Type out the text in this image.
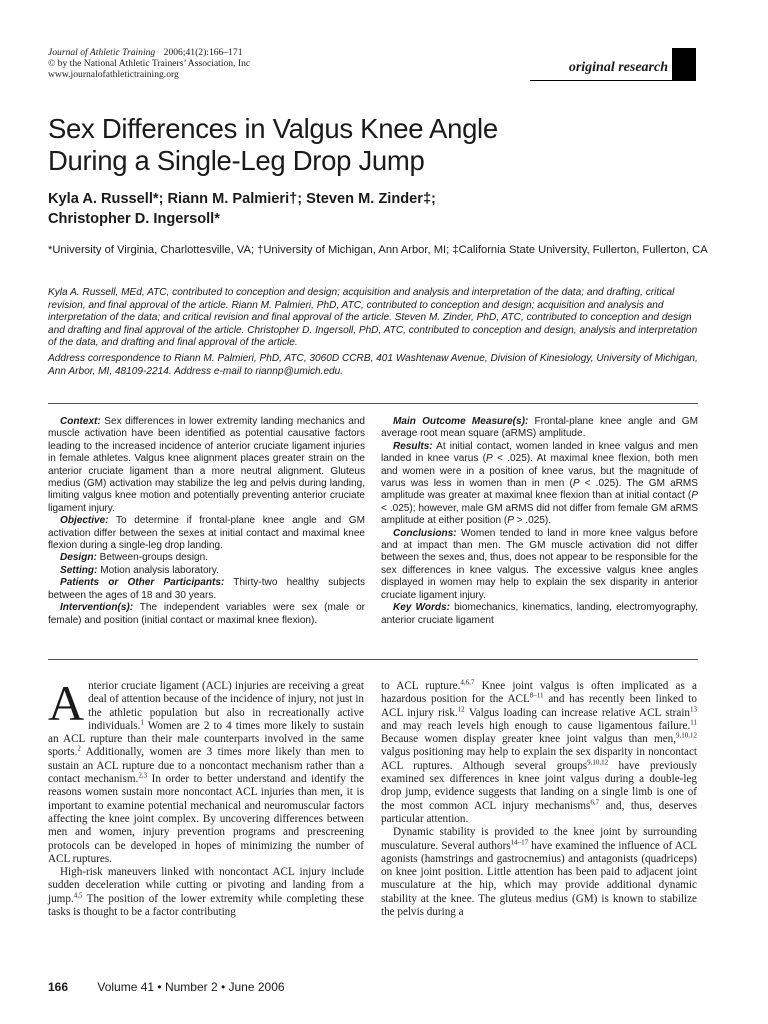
Journal of Athletic Training 2006;41(2):166–171
© by the National Athletic Trainers’ Association, Inc
www.journalofathletictraining.org	original research
Sex Differences in Valgus Knee Angle
During a Single-Leg Drop Jump
Kyla A. Russell*; Riann M. Palmieri†; Steven M. Zinder‡;
Christopher D. Ingersoll*
*University of Virginia, Charlottesville, VA; †University of Michigan, Ann Arbor, MI; ‡California State University, Fullerton, Fullerton, CA

Kyla A. Russell, MEd, ATC, contributed to conception and design; acquisition and analysis and interpretation of the data; and drafting, critical revision, and final approval of the article. Riann M. Palmieri, PhD, ATC, contributed to conception and design; acquisition and analysis and interpretation of the data; and critical revision and final approval of the article. Steven M. Zinder, PhD, ATC, contributed to conception and design and drafting and final approval of the article. Christopher D. Ingersoll, PhD, ATC, contributed to conception and design, analysis and interpretation of the data, and drafting and final approval of the article.

Address correspondence to Riann M. Palmieri, PhD, ATC, 3060D CCRB, 401 Washtenaw Avenue, Division of Kinesiology, University of Michigan, Ann Arbor, MI, 48109-2214. Address e-mail to riannp@umich.edu.

Context: Sex differences in lower extremity landing mechanics and muscle activation have been identified as potential causative factors leading to the increased incidence of anterior cruciate ligament injuries in female athletes. Valgus knee alignment places greater strain on the anterior cruciate ligament than a more neutral alignment. Gluteus medius (GM) activation may stabilize the leg and pelvis during landing, limiting valgus knee motion and potentially preventing anterior cruciate ligament injury.

Objective: To determine if frontal-plane knee angle and GM activation differ between the sexes at initial contact and maximal knee flexion during a single-leg drop landing.

Design: Between-groups design.

Setting: Motion analysis laboratory.

Patients or Other Participants: Thirty-two healthy subjects between the ages of 18 and 30 years.

Intervention(s): The independent variables were sex (male or female) and position (initial contact or maximal knee flexion).

Main Outcome Measure(s): Frontal-plane knee angle and GM average root mean square (aRMS) amplitude.

Results: At initial contact, women landed in knee valgus and men landed in knee varus (P < .025). At maximal knee flexion, both men and women were in a position of knee varus, but the magnitude of varus was less in women than in men (P < .025). The GM aRMS amplitude was greater at maximal knee flexion than at initial contact (P < .025); however, male GM aRMS did not differ from female GM aRMS amplitude at either position (P > .025).

Conclusions: Women tended to land in more knee valgus before and at impact than men. The GM muscle activation did not differ between the sexes and, thus, does not appear to be responsible for the sex differences in knee valgus. The excessive valgus knee angles displayed in women may help to explain the sex disparity in anterior cruciate ligament injury.

Key Words: biomechanics, kinematics, landing, electromyography, anterior cruciate ligament

Anterior cruciate ligament (ACL) injuries are receiving a great deal of attention because of the incidence of injury, not just in the athletic population but also in recreationally active individuals.$^1$ Women are 2 to 4 times more likely to sustain an ACL rupture than their male counterparts involved in the same sports.$^2$ Additionally, women are 3 times more likely than men to sustain an ACL rupture due to a noncontact mechanism rather than a contact mechanism.$^{2,3}$ In order to better understand and identify the reasons women sustain more noncontact ACL injuries than men, it is important to examine potential mechanical and neuromuscular factors affecting the knee joint complex. By uncovering differences between men and women, injury prevention programs and prescreening protocols can be developed in hopes of minimizing the number of ACL ruptures.

High-risk maneuvers linked with noncontact ACL injury include sudden deceleration while cutting or pivoting and landing from a jump.$^{4,5}$ The position of the lower extremity while completing these tasks is thought to be a factor contributing

to ACL rupture.$^{4,6,7}$ Knee joint valgus is often implicated as a hazardous position for the ACL$^{8-11}$ and has recently been linked to ACL injury risk.$^{12}$ Valgus loading can increase relative ACL strain$^{13}$ and may reach levels high enough to cause ligamentous failure.$^{11}$ Because women display greater knee joint valgus than men,$^{9,10,12}$ valgus positioning may help to explain the sex disparity in noncontact ACL ruptures. Although several groups$^{9,10,12}$ have previously examined sex differences in knee joint valgus during a double-leg drop jump, evidence suggests that landing on a single limb is one of the most common ACL injury mechanisms$^{6,7}$ and, thus, deserves particular attention.

Dynamic stability is provided to the knee joint by surrounding musculature. Several authors$^{14-17}$ have examined the influence of ACL agonists (hamstrings and gastrocnemius) and antagonists (quadriceps) on knee joint position. Little attention has been paid to adjacent joint musculature at the hip, which may provide additional dynamic stability at the knee. The gluteus medius (GM) is known to stabilize the pelvis during a

166 Volume 41 • Number 2 • June 2006
